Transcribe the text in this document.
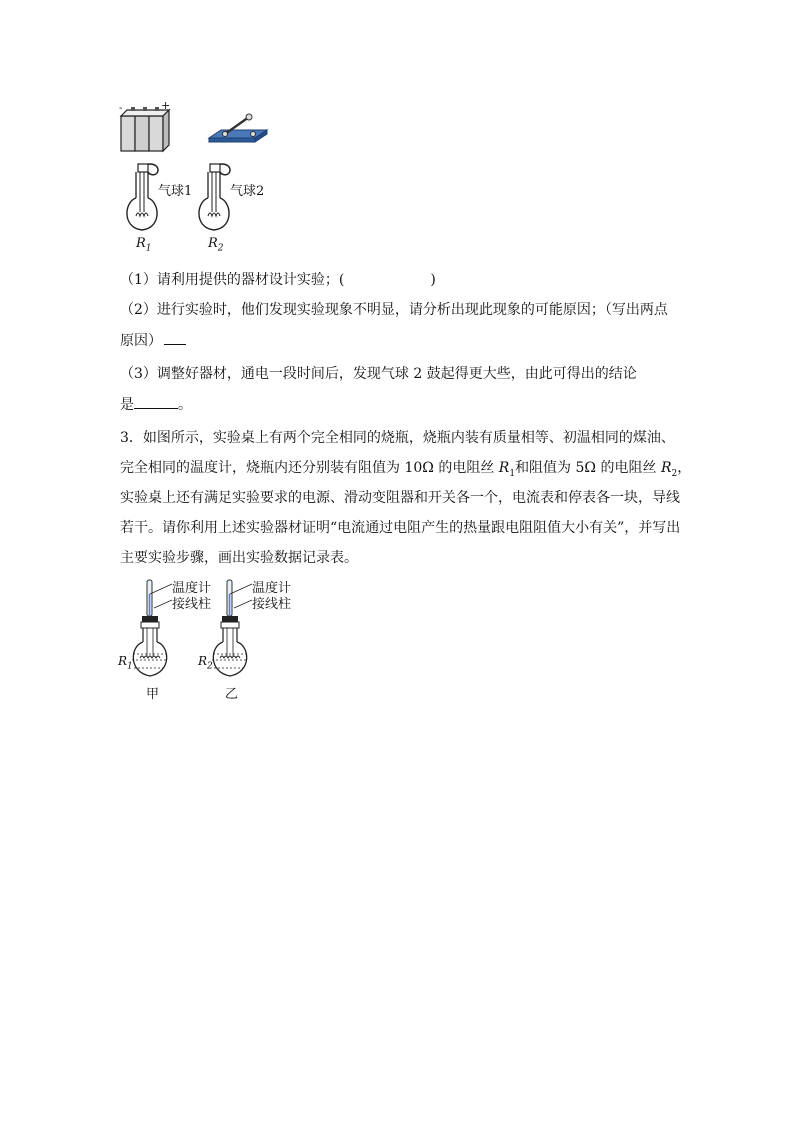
-	+
气球1
$R_1$
气球2
$R_2$
（1）请利用提供的器材设计实验；(	)
（2）进行实验时，他们发现实验现象不明显，请分析出现此现象的可能原因；（写出两点
原因）
（3）调整好器材，通电一段时间后，发现气球 2 鼓起得更大些，由此可得出的结论
是	。
3．如图所示，实验桌上有两个完全相同的烧瓶，烧瓶内装有质量相等、初温相同的煤油、
完全相同的温度计，烧瓶内还分别装有阻值为 10Ω 的电阻丝 $R_1$和阻值为 5Ω 的电阻丝 $R_2$，
实验桌上还有满足实验要求的电源、滑动变阻器和开关各一个，电流表和停表各一块，导线
若干。请你利用上述实验器材证明“电流通过电阻产生的热量跟电阻阻值大小有关”，并写出
主要实验步骤，画出实验数据记录表。
温度计
接线柱
$R_1$
甲
温度计
接线柱
$R_2$
乙
